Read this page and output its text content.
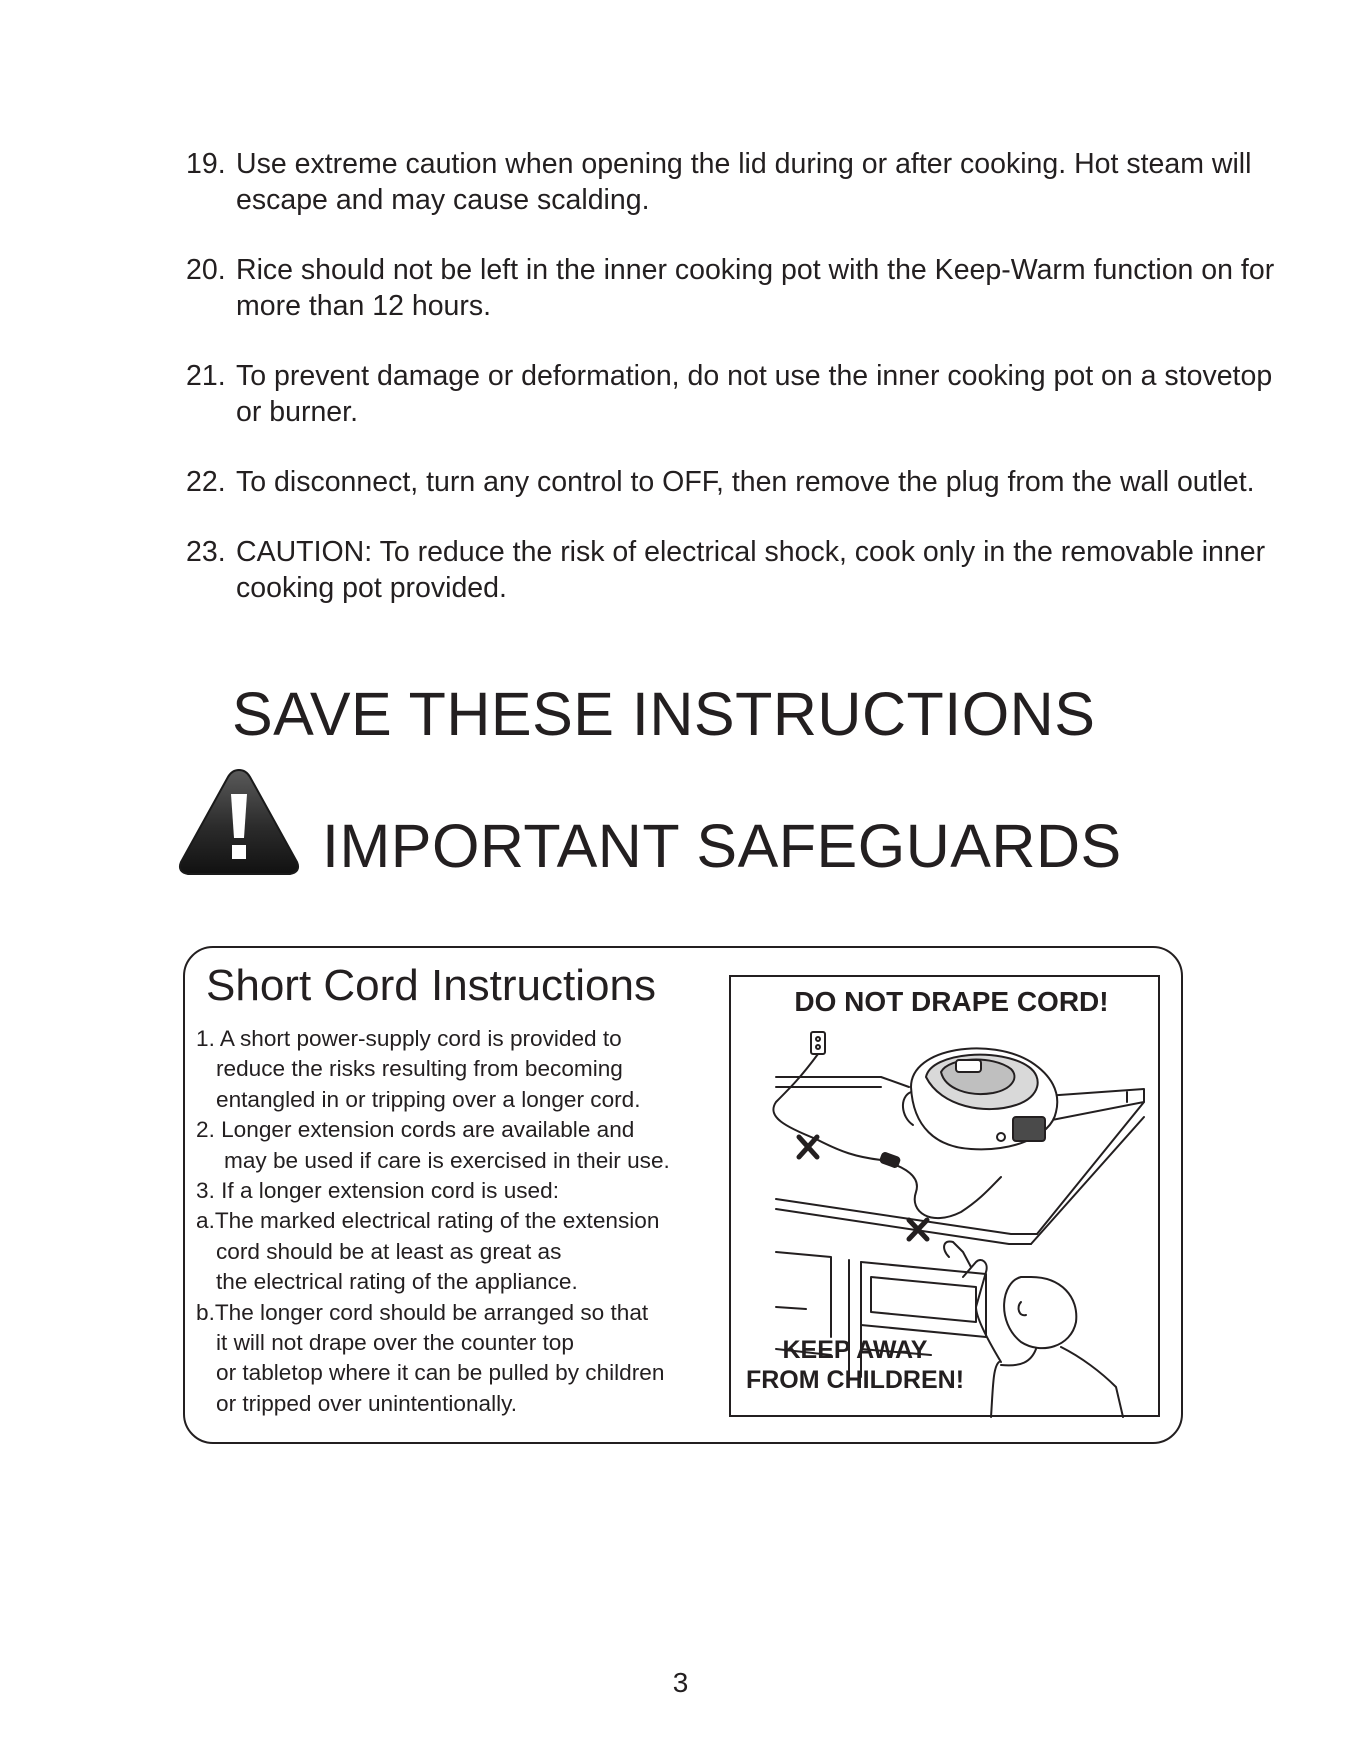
19. Use extreme caution when opening the lid during or after cooking. Hot steam will escape and may cause scalding.
20. Rice should not be left in the inner cooking pot with the Keep-Warm function on for more than 12 hours.
21. To prevent damage or deformation, do not use the inner cooking pot on a stovetop or burner.
22. To disconnect, turn any control to OFF, then remove the plug from the wall outlet.
23. CAUTION: To reduce the risk of electrical shock, cook only in the removable inner cooking pot provided.
SAVE THESE INSTRUCTIONS
IMPORTANT SAFEGUARDS
Short Cord Instructions
1. A short power-supply cord is provided to
reduce the risks resulting from becoming
entangled in or tripping over a longer cord.
2. Longer extension cords are available and
may be used if care is exercised in their use.
3. If a longer extension cord is used:
a.The marked electrical rating of the extension
cord should be at least as great as
the electrical rating of the appliance.
b.The longer cord should be arranged so that
it will not drape over the counter top
or tabletop where it can be pulled by children
or tripped over unintentionally.

DO NOT DRAPE CORD!

KEEP AWAY
FROM CHILDREN!

3
